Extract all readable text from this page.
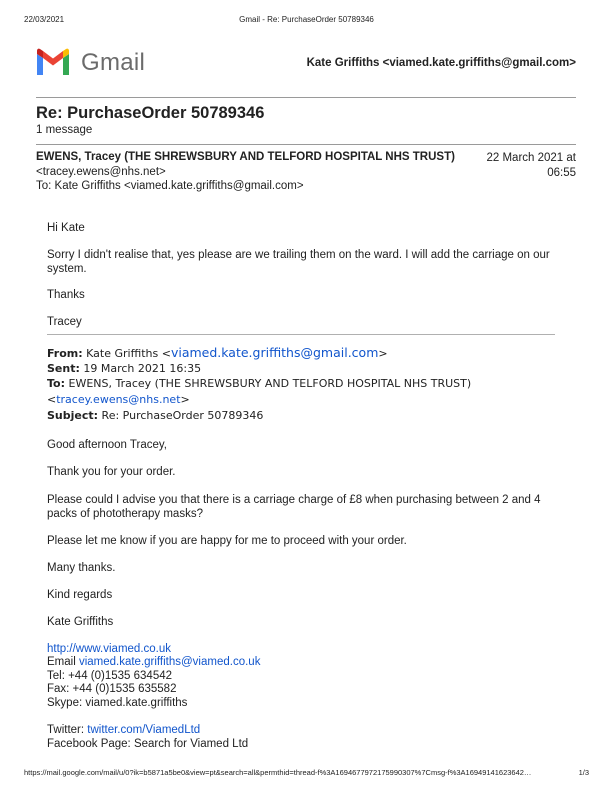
22/03/2021	Gmail - Re: PurchaseOrder 50789346
Gmail	Kate Griffiths <viamed.kate.griffiths@gmail.com>
Re: PurchaseOrder 50789346
1 message
EWENS, Tracey (THE SHREWSBURY AND TELFORD HOSPITAL NHS TRUST)	22 March 2021 at
06:55
<tracey.ewens@nhs.net>
To: Kate Griffiths <viamed.kate.griffiths@gmail.com>
Hi Kate
Sorry I didn't realise that, yes please are we trailing them on the ward. I will add the carriage on our
system.
Thanks
Tracey
From: Kate Griffiths <viamed.kate.griffiths@gmail.com>
Sent: 19 March 2021 16:35
To: EWENS, Tracey (THE SHREWSBURY AND TELFORD HOSPITAL NHS TRUST)
<tracey.ewens@nhs.net>
Subject: Re: PurchaseOrder 50789346
Good afternoon Tracey,
Thank you for your order.
Please could I advise you that there is a carriage charge of £8 when purchasing between 2 and 4
packs of phototherapy masks?
Please let me know if you are happy for me to proceed with your order.
Many thanks.
Kind regards
Kate Griffiths
http://www.viamed.co.uk
Email viamed.kate.griffiths@viamed.co.uk
Tel: +44 (0)1535 634542
Fax: +44 (0)1535 635582
Skype: viamed.kate.griffiths
Twitter: twitter.com/ViamedLtd
Facebook Page: Search for Viamed Ltd
https://mail.google.com/mail/u/0?ik=b5871a5be0&view=pt&search=all&permthid=thread-f%3A1694677972175990307%7Cmsg-f%3A16949141623642…	1/3
